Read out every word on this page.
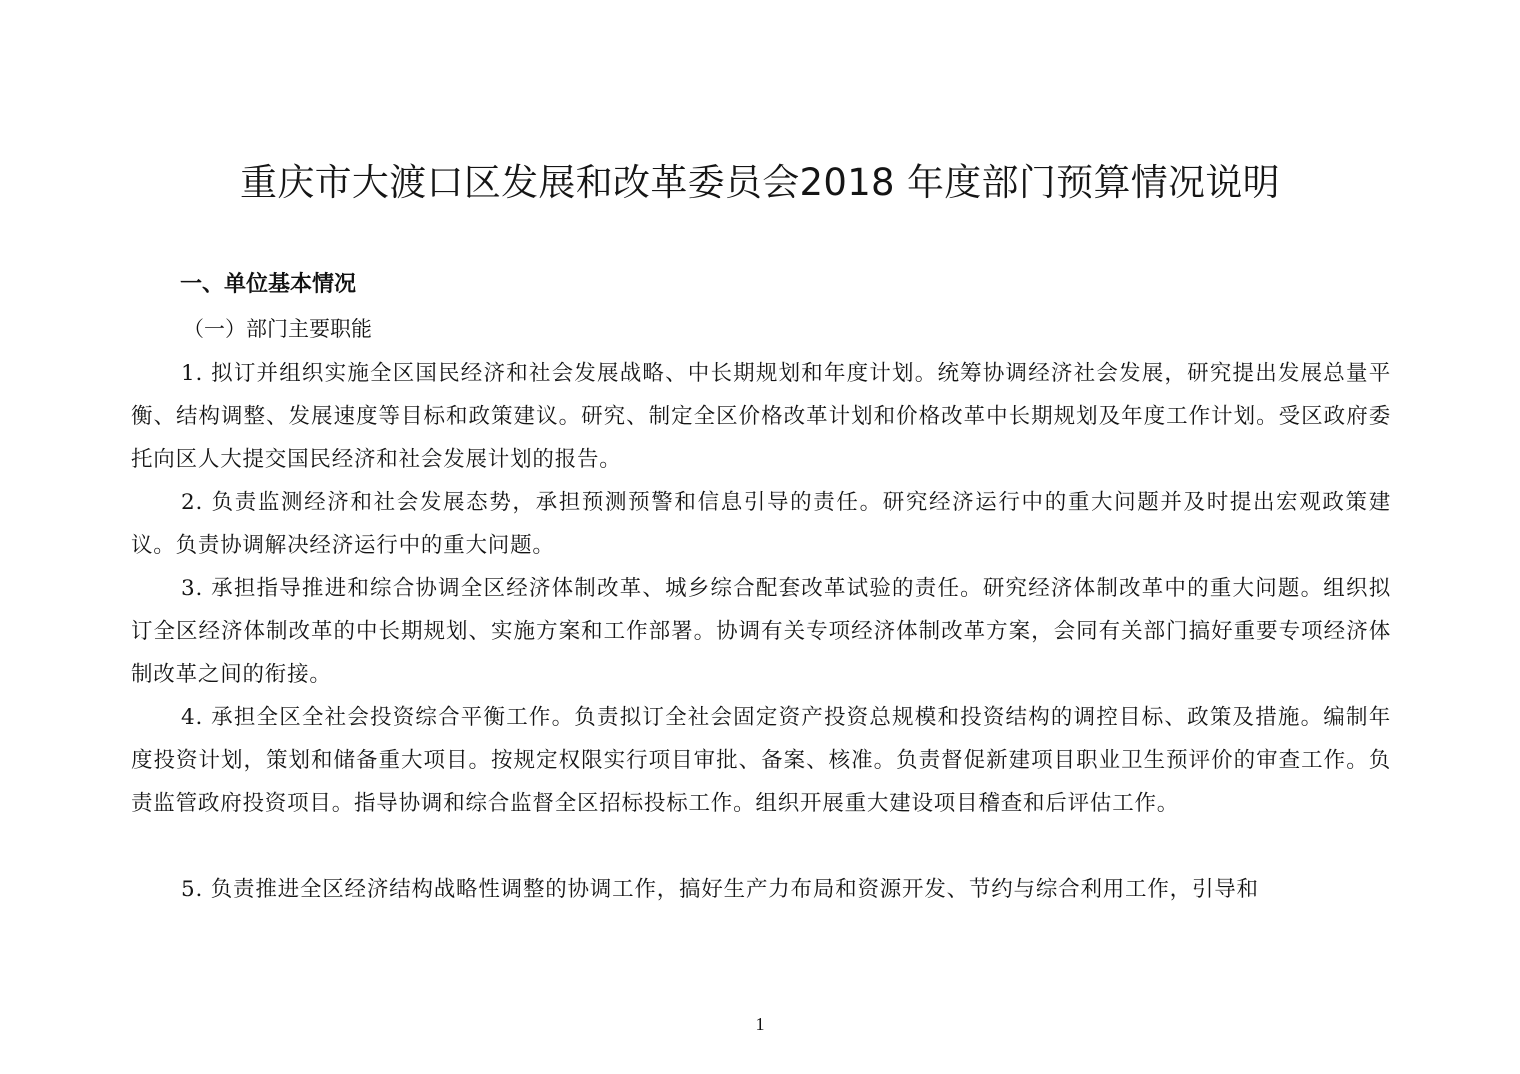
重庆市大渡口区发展和改革委员会2018 年度部门预算情况说明
一、单位基本情况
（一）部门主要职能

1. 拟订并组织实施全区国民经济和社会发展战略、中长期规划和年度计划。统筹协调经济社会发展，研究提出发展总量平衡、结构调整、发展速度等目标和政策建议。研究、制定全区价格改革计划和价格改革中长期规划及年度工作计划。受区政府委托向区人大提交国民经济和社会发展计划的报告。

2. 负责监测经济和社会发展态势，承担预测预警和信息引导的责任。研究经济运行中的重大问题并及时提出宏观政策建议。负责协调解决经济运行中的重大问题。

3. 承担指导推进和综合协调全区经济体制改革、城乡综合配套改革试验的责任。研究经济体制改革中的重大问题。组织拟订全区经济体制改革的中长期规划、实施方案和工作部署。协调有关专项经济体制改革方案，会同有关部门搞好重要专项经济体制改革之间的衔接。

4. 承担全区全社会投资综合平衡工作。负责拟订全社会固定资产投资总规模和投资结构的调控目标、政策及措施。编制年度投资计划，策划和储备重大项目。按规定权限实行项目审批、备案、核准。负责督促新建项目职业卫生预评价的审查工作。负责监管政府投资项目。指导协调和综合监督全区招标投标工作。组织开展重大建设项目稽查和后评估工作。

5. 负责推进全区经济结构战略性调整的协调工作，搞好生产力布局和资源开发、节约与综合利用工作，引导和

1
